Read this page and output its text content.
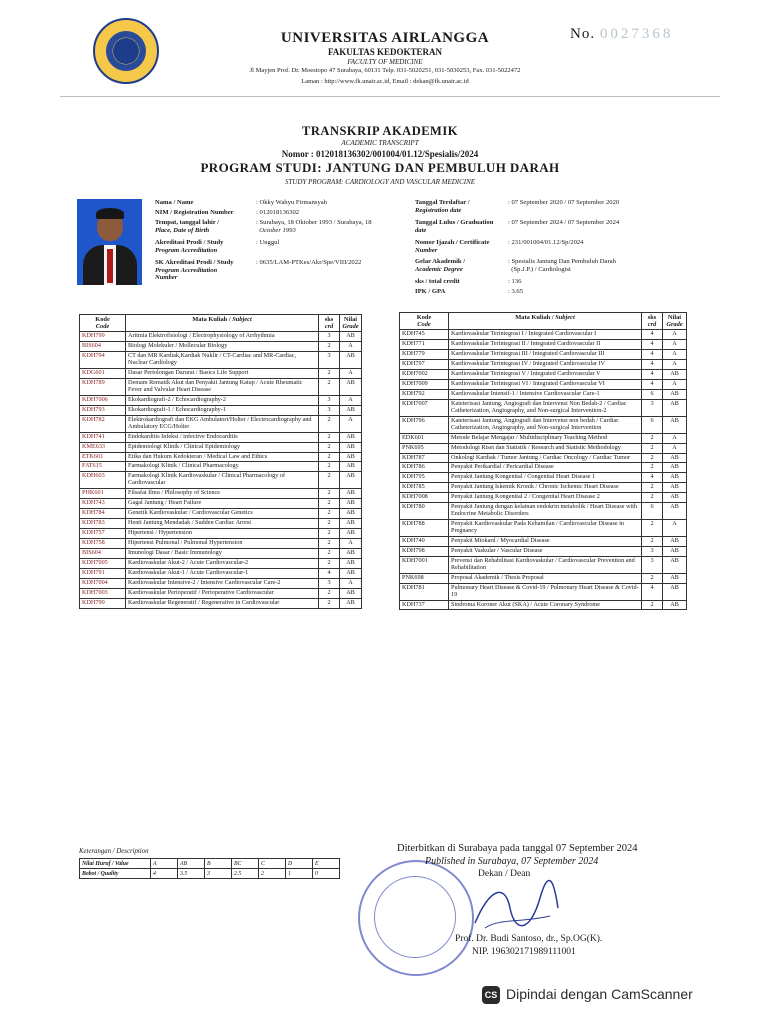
UNIVERSITAS AIRLANGGA
FAKULTAS KEDOKTERAN
FACULTY OF MEDICINE
Jl Mayjen Prof. Dr. Moestopo 47 Surabaya, 60131 Telp. 031-5020251, 031-5030253, Fax. 031-5022472
Laman : http://www.fk.unair.ac.id, Email : dekan@fk.unair.ac.id
No. 0027368
TRANSKRIP AKADEMIK
ACADEMIC TRANSCRIPT
Nomor : 012018136302/001004/01.12/Spesialis/2024
PROGRAM STUDI: JANTUNG DAN PEMBULUH DARAH
STUDY PROGRAM: CARDIOLOGY AND VASCULAR MEDICINE
Nama / Name	: Okky Wahyu Firmansyah
NIM / Registration Number	: 012018136302
Tempat, tanggal lahir /
Place, Date of Birth
: Surabaya, 18 Oktober 1993 / Surabaya, 18
October 1993
Akreditasi Prodi / Study
Program Accreditation
: Unggul
SK Akreditasi Prodi / Study
Program Accreditation
Number
: 0635/LAM-PTKes/Akr/Spe/VIII/2022
Tanggal Terdaftar /
Registration date
: 07 September 2020 / 07 September 2020
Tanggal Lulus / Graduation
date
: 07 September 2024 / 07 September 2024
Nomor Ijazah / Certificate
Number
: 231/001004/01.12/Sp/2024
Gelar Akademik /
Academic Degree
: Spesialis Jantung Dan Pembuluh Darah
(Sp.J.P.) / Cardiologist
sks / total credit	: 136
IPK / GPA	: 3.65
Kode
Code	Mata Kuliah / Subject	sks
crd	Nilai
Grade
KDH799	Aritmia Elektrofisiologi / Electrophysiology of Arrhythmia	3	AB
BIS604	Biologi Molekuler / Mollecular Biology	2	A
KDH794	CT dan MR Kardiak,Kardiak Nuklir / CT-Cardiac and MR-Cardiac, Nuclear Cardiology	3	AB
KDG601	Dasar Pertolongan Darurat / Basics Life Support	2	A
KDH789	Demam Rematik Akut dan Penyakit Jantung Katup / Acute Rheumatic Fever and Valvular Heart Disease	2	AB
KDH7006	Ekokardiografi-2 / Echocardiography-2	3	A
KDH793	Ekokardiografi-1 / Echocardiography-1	3	AB
KDH782	Elektrokardiografi dan EKG Ambulatori/Holter / Electrocardiography and Ambulatory ECG/Holter	2	A
KDH741	Endokarditis Infeksi / infective Endocarditis	2	AB
KME633	Epidemiologi Klinik / Clinical Epidemiology	2	AB
ETK601	Etika dan Hukum Kedokteran / Medical Law and Ethics	2	AB
FAT615	Farmakologi Klinik / Clinical Pharmacology	2	AB
KDH603	Farmakologi Klinik Kardiovaskular / Clinical Pharmacology of Cardiovascular	2	AB
PHK601	Filsafat Ilmu / Philosophy of Science	2	AB
KDH743	Gagal Jantung / Heart Failure	2	AB
KDH784	Genetik Kardiovaskular / Cardiovascular Genetics	2	AB
KDH783	Henti Jantung Mendadak / Sudden Cardiac Arrest	2	AB
KDH757	Hipertensi / Hypertension	2	AB
KDH758	Hipertensi Pulmonal / Pulmonal Hypertension	2	A
BIS604	Imunologi Dasar / Basic Immunology	2	AB
KDH7005	Kardiovaskular Akut-2 / Acute Cardiovascular-2	2	AB
KDH791	Kardiovaskular Akut-1 / Acute Cardiovascular-1	4	AB
KDH7004	Kardiovaskular Intensive-2 / Intensive Cardiovascular Care-2	3	A
KDH7003	Kardiovaskular Perioperatif / Perioperative Cardiovascular	2	AB
KDH790	Kardiovaskular Regeneratif / Regenerative in Cardiovascular	2	AB
Kode
Code	Mata Kuliah / Subject	sks
crd	Nilai
Grade
KDH745	Kardiovaskular Terintegrasi I / Integrated Cardiovascular I	4	A
KDH771	Kardiovaskular Terintegrasi II / Integrated Cardiovascular II	4	A
KDH779	Kardiovaskular Terintegrasi III / Integrated Cardiovascular III	4	A
KDH797	Kardiovaskular Terintegrasi IV / Integrated Cardiovascular IV	4	A
KDH7002	Kardiovaskular Terintegrasi V / Integrated Cardiovascular V	4	AB
KDH7009	Kardiovaskular Terintegrasi VI / Integrated Cardiovascular VI	4	A
KDH792	Kardiovaskular Intensif-1 / Intensive Cardiovascular Care-1	6	AB
KDH7007	Kateterisasi Jantung, Angiografi dan Intervensi Non Bedah-2 / Cardiac Catheterization, Angiography, and Non-surgical Intervention-2	3	AB
KDH796	Kateterisasi Jantung, Angiografi dan Intervensi non bedah / Cardiac Catheterization, Angiography, and Non-surgical Intervention	6	AB
EDK601	Metode Belajar Mengajar / Multidisciplinary Teaching Method	2	A
PNK695	Metodologi Riset dan Statistik / Research and Statistic Methodology	2	A
KDH787	Onkologi Kardiak / Tumor Jantung / Cardiac Oncology / Cardiac Tumor	2	AB
KDH786	Penyakit Perikardial / Pericardial Disease	2	AB
KDH795	Penyakit Jantung Kongenital / Congenital Heart Disease 1	4	AB
KDH785	Penyakit Jantung Iskemik Kronik / Chronic Ischemic Heart Disease	2	AB
KDH7008	Penyakit Jantung Kongenital 2 / Congenital Heart Disease 2	2	AB
KDH780	Penyakit Jantung dengan kelainan endokrin metabolik / Heart Disease with Endocrine Metabolic Disorders	6	AB
KDH788	Penyakit Kardiovaskular Pada Kehamilan / Cardiovascular Disease in Pregnancy	2	A
KDH740	Penyakit Miokard / Myocardial Disease	2	AB
KDH798	Penyakit Vaskular / Vascular Disease	3	AB
KDH7001	Prevensi dan Rehabilitasi Kardiovaskular / Cardiovascular Prevention and Rehabilitation	3	AB
PNK698	Proposal Akademik / Thesis Proposal	2	AB
KDH781	Pulmonary Heart Disease & Covid-19 / Pulmonary Heart Disease & Covid-19	4	AB
KDH737	Sindroma Koroner Akut (SKA) / Acute Coronary Syndrome	2	AB
Keterangan / Description
Nilai Huruf / Value	A	AB	B	BC	C	D	E
Bobot / Quality	4	3.5	3	2.5	2	1	0
Diterbitkan di Surabaya pada tanggal 07 September 2024
Published in Surabaya, 07 September 2024
Dekan / Dean
Prof. Dr. Budi Santoso, dr., Sp.OG(K).
NIP. 196302171989111001
CS Dipindai dengan CamScanner
